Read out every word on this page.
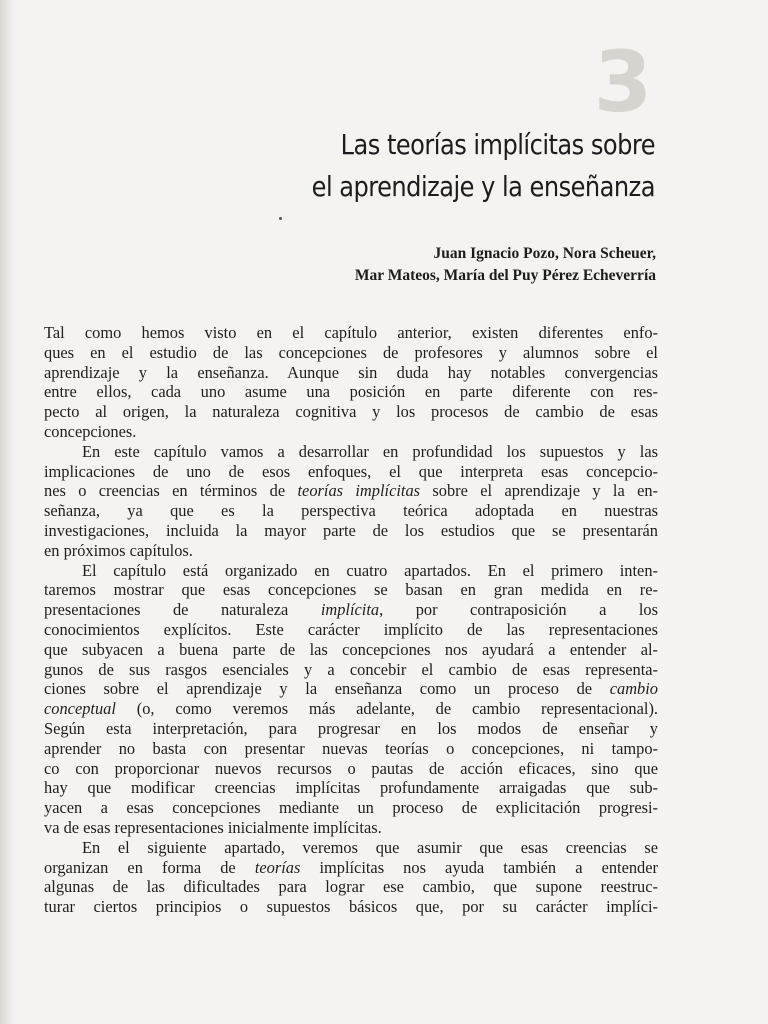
3
Las teorías implícitas sobre
el aprendizaje y la enseñanza
Juan Ignacio Pozo, Nora Scheuer,
Mar Mateos, María del Puy Pérez Echeverría
Tal como hemos visto en el capítulo anterior, existen diferentes enfo-
ques en el estudio de las concepciones de profesores y alumnos sobre el
aprendizaje y la enseñanza. Aunque sin duda hay notables convergencias
entre ellos, cada uno asume una posición en parte diferente con res-
pecto al origen, la naturaleza cognitiva y los procesos de cambio de esas
concepciones.
En este capítulo vamos a desarrollar en profundidad los supuestos y las
implicaciones de uno de esos enfoques, el que interpreta esas concepcio-
nes o creencias en términos de teorías implícitas sobre el aprendizaje y la en-
señanza, ya que es la perspectiva teórica adoptada en nuestras
investigaciones, incluida la mayor parte de los estudios que se presentarán
en próximos capítulos.
El capítulo está organizado en cuatro apartados. En el primero inten-
taremos mostrar que esas concepciones se basan en gran medida en re-
presentaciones de naturaleza implícita, por contraposición a los
conocimientos explícitos. Este carácter implícito de las representaciones
que subyacen a buena parte de las concepciones nos ayudará a entender al-
gunos de sus rasgos esenciales y a concebir el cambio de esas representa-
ciones sobre el aprendizaje y la enseñanza como un proceso de cambio
conceptual (o, como veremos más adelante, de cambio representacional).
Según esta interpretación, para progresar en los modos de enseñar y
aprender no basta con presentar nuevas teorías o concepciones, ni tampo-
co con proporcionar nuevos recursos o pautas de acción eficaces, sino que
hay que modificar creencias implícitas profundamente arraigadas que sub-
yacen a esas concepciones mediante un proceso de explicitación progresi-
va de esas representaciones inicialmente implícitas.
En el siguiente apartado, veremos que asumir que esas creencias se
organizan en forma de teorías implícitas nos ayuda también a entender
algunas de las dificultades para lograr ese cambio, que supone reestruc-
turar ciertos principios o supuestos básicos que, por su carácter implíci-
